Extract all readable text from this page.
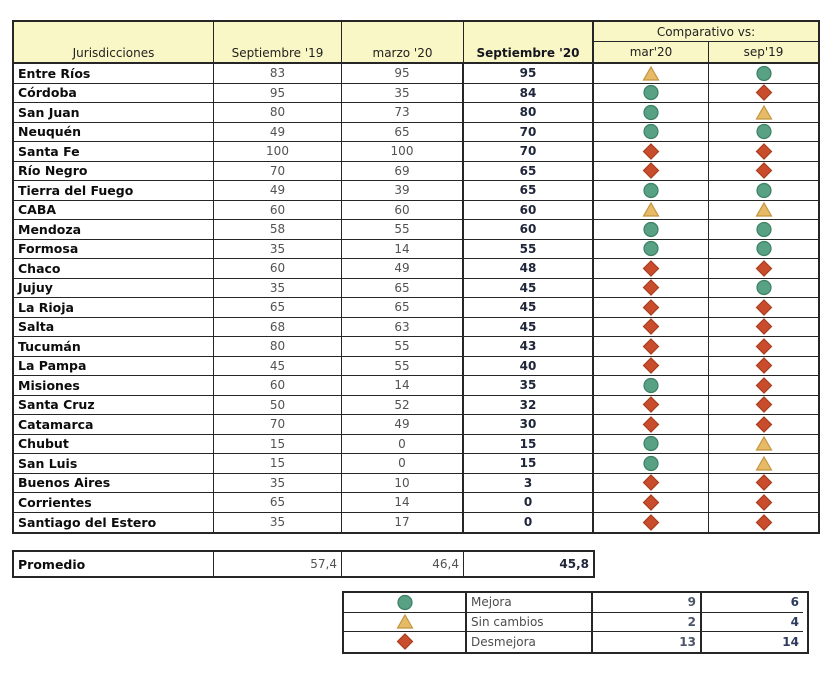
Jurisdicciones	Septiembre '19	marzo '20	Septiembre '20
Comparativo vs:
mar'20	sep'19
Entre Ríos	83	95	95
Córdoba	95	35	84
San Juan	80	73	80
Neuquén	49	65	70
Santa Fe	100	100	70
Río Negro	70	69	65
Tierra del Fuego	49	39	65
CABA	60	60	60
Mendoza	58	55	60
Formosa	35	14	55
Chaco	60	49	48
Jujuy	35	65	45
La Rioja	65	65	45
Salta	68	63	45
Tucumán	80	55	43
La Pampa	45	55	40
Misiones	60	14	35
Santa Cruz	50	52	32
Catamarca	70	49	30
Chubut	15	0	15
San Luis	15	0	15
Buenos Aires	35	10	3
Corrientes	65	14	0
Santiago del Estero	35	17	0
Promedio	57,4	46,4	45,8
Mejora	9	6
Sin cambios	2	4
Desmejora	13	14
